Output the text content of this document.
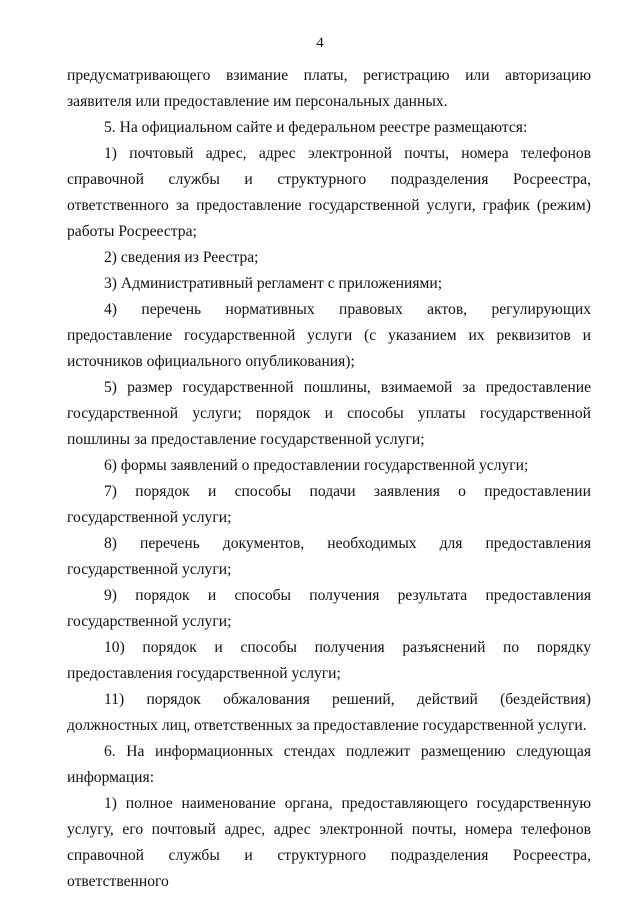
4

предусматривающего взимание платы, регистрацию или авторизацию заявителя или предоставление им персональных данных.

5. На официальном сайте и федеральном реестре размещаются:

1) почтовый адрес, адрес электронной почты, номера телефонов справочной службы и структурного подразделения Росреестра, ответственного за предоставление государственной услуги, график (режим) работы Росреестра;

2) сведения из Реестра;

3) Административный регламент с приложениями;

4) перечень нормативных правовых актов, регулирующих предоставление государственной услуги (с указанием их реквизитов и источников официального опубликования);

5) размер государственной пошлины, взимаемой за предоставление государственной услуги; порядок и способы уплаты государственной пошлины за предоставление государственной услуги;

6) формы заявлений о предоставлении государственной услуги;

7) порядок и способы подачи заявления о предоставлении государственной услуги;

8) перечень документов, необходимых для предоставления государственной услуги;

9) порядок и способы получения результата предоставления государственной услуги;

10) порядок и способы получения разъяснений по порядку предоставления государственной услуги;

11) порядок обжалования решений, действий (бездействия) должностных лиц, ответственных за предоставление государственной услуги.

6. На информационных стендах подлежит размещению следующая информация:

1) полное наименование органа, предоставляющего государственную услугу, его почтовый адрес, адрес электронной почты, номера телефонов справочной службы и структурного подразделения Росреестра, ответственного
